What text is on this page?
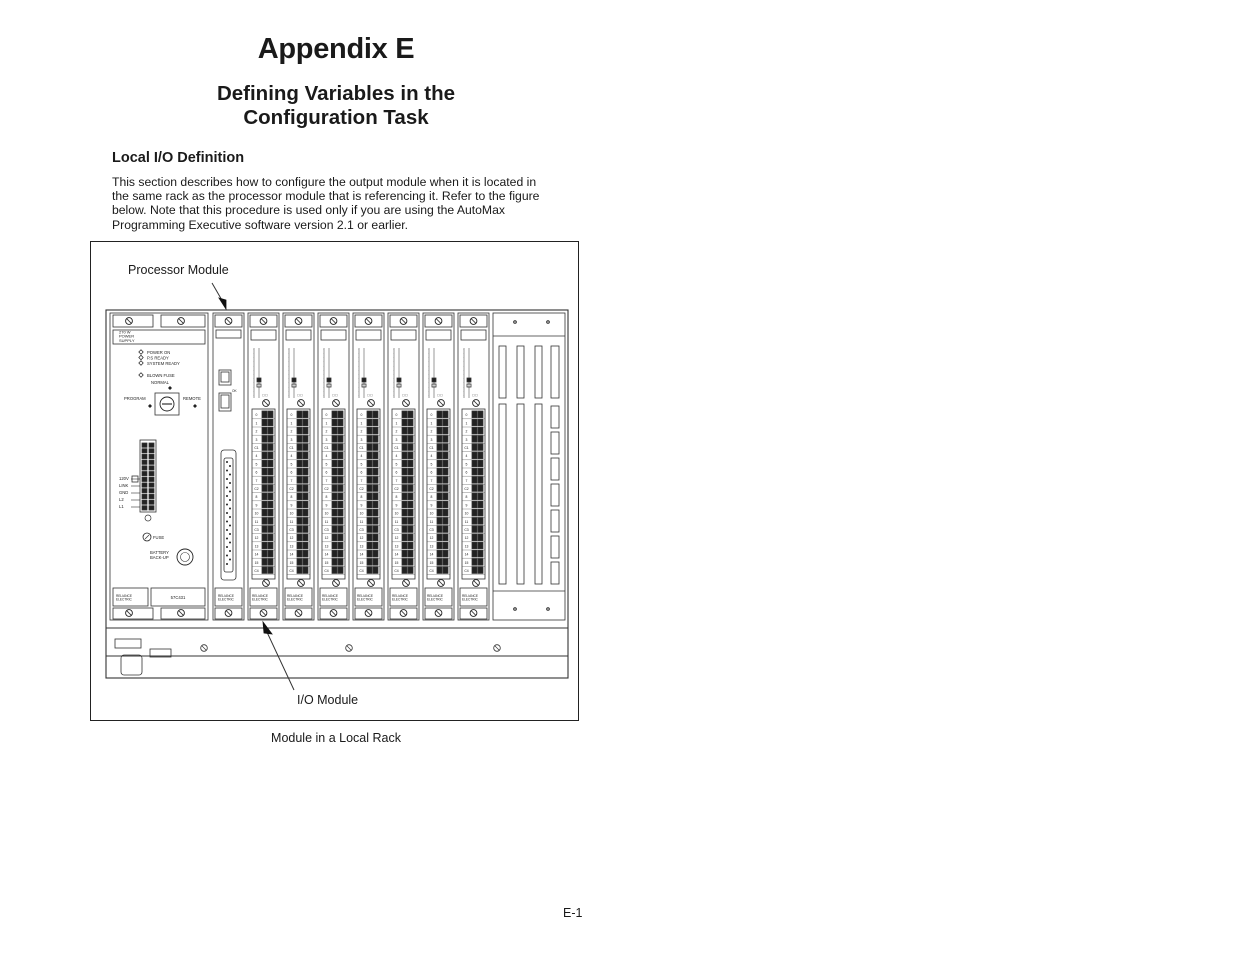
Appendix E
Defining Variables in the
Configuration Task
Local I/O Definition

This section describes how to configure the output module when it is located in
the same rack as the processor module that is referencing it. Refer to the figure
below. Note that this procedure is used only if you are using the AutoMax
Programming Executive software version 2.1 or earlier.

270 W
POWER
SUPPLY
POWER ON
P.S READY
SYSTEM READY
BLOWN FUSE
NORMAL
PROGRAM	REMOTE
120V
LINK
GND
L2
L1
FUSE
BATTERY
BACK-UP
RELIANCE
ELECTRIC	57C431
OK
RELIANCE
ELECTRIC
·
·
·
·
·
·
·
·
·
·
·
·	▢▢
0
1
2
3
C1
4
5
6
7
C2
8
9
10
11
C3
12
13
14
15
C4
RELIANCE
ELECTRIC
·
·
·
·
·
·
·
·
·
·
·
·	▢▢
0
1
2
3
C1
4
5
6
7
C2
8
9
10
11
C3
12
13
14
15
C4
RELIANCE
ELECTRIC
·
·
·
·
·
·
·
·
·
·
·
·	▢▢
0
1
2
3
C1
4
5
6
7
C2
8
9
10
11
C3
12
13
14
15
C4
RELIANCE
ELECTRIC
·
·
·
·
·
·
·
·
·
·
·
·	▢▢
0
1
2
3
C1
4
5
6
7
C2
8
9
10
11
C3
12
13
14
15
C4
RELIANCE
ELECTRIC
·
·
·
·
·
·
·
·
·
·
·
·	▢▢
0
1
2
3
C1
4
5
6
7
C2
8
9
10
11
C3
12
13
14
15
C4
RELIANCE
ELECTRIC
·
·
·
·
·
·
·
·
·
·
·
·	▢▢
0
1
2
3
C1
4
5
6
7
C2
8
9
10
11
C3
12
13
14
15
C4
RELIANCE
ELECTRIC
·
·
·
·
·
·
·
·
·
·
·
·	▢▢
0
1
2
3
C1
4
5
6
7
C2
8
9
10
11
C3
12
13
14
15
C4
RELIANCE
ELECTRIC
Processor Module
I/O Module
Module in a Local Rack
E-1
